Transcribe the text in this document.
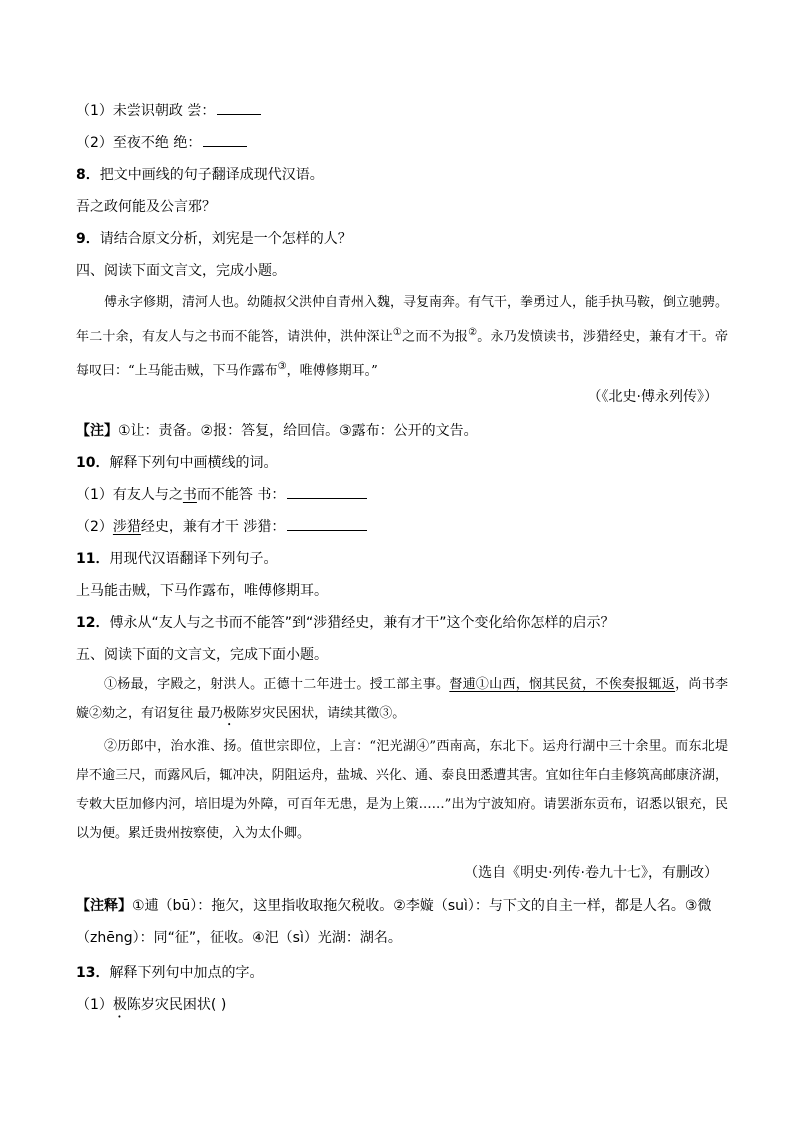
（1）未尝识朝政 尝：
（2）至夜不绝 绝：
8．把文中画线的句子翻译成现代汉语。
吾之政何能及公言邪？
9．请结合原文分析，刘宪是一个怎样的人？
四、阅读下面文言文，完成小题。

傅永字修期，清河人也。幼随叔父洪仲自青州入魏，寻复南奔。有气干，拳勇过人，能手执马鞍，倒立驰骋。年二十余，有友人与之书而不能答，请洪仲，洪仲深让①之而不为报②。永乃发愤读书，涉猎经史，兼有才干。帝每叹曰：“上马能击贼，下马作露布③，唯傅修期耳。”

（《北史·傅永列传》）
【注】①让：责备。②报：答复，给回信。③露布：公开的文告。
10．解释下列句中画横线的词。
（1）有友人与之书而不能答 书：
（2）涉猎经史，兼有才干 涉猎：
11．用现代汉语翻译下列句子。
上马能击贼，下马作露布，唯傅修期耳。
12．傅永从“友人与之书而不能答”到“涉猎经史，兼有才干”这个变化给你怎样的启示？
五、阅读下面的文言文，完成下面小题。

①杨最，字殿之，射洪人。正德十二年进士。授工部主事。督逋①山西，悯其民贫，不俟奏报辄返，尚书李嫙②劾之，有诏复往 最乃极陈岁灾民困状，请续其徵③。

②历郎中，治水淮、扬。值世宗即位，上言：“汜光湖④”西南高，东北下。运舟行湖中三十余里。而东北堤岸不逾三尺，而露风后，辄冲决，阴阻运舟，盐城、兴化、通、泰良田悉遭其害。宜如往年白圭修筑高邮康济湖，专敕大臣加修内河，培旧堤为外障，可百年无患，是为上策……”出为宁波知府。请罢浙东贡布，诏悉以银充，民以为便。累迁贵州按察使，入为太仆卿。

（选自《明史·列传·卷九十七》，有删改）
【注释】①逋（bū）：拖欠，这里指收取拖欠税收。②李嫙（suì）：与下文的自主一样，都是人名。③微（zhēng）：同“征”，征收。④汜（sì）光湖：湖名。
13．解释下列句中加点的字。
（1）极陈岁灾民困状( )
